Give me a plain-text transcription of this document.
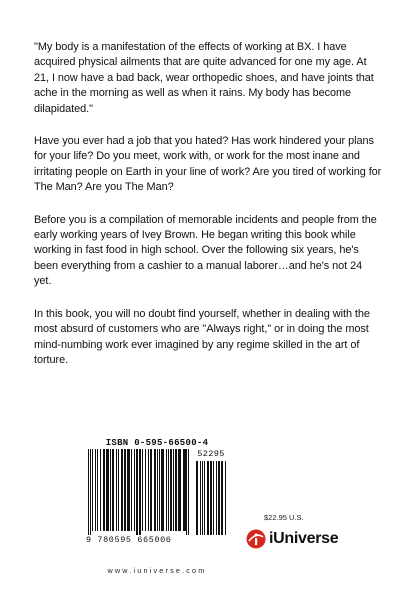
"My body is a manifestation of the effects of working at BX. I have acquired physical ailments that are quite advanced for one my age. At 21, I now have a bad back, wear orthopedic shoes, and have joints that ache in the morning as well as when it rains. My body has become dilapidated."

Have you ever had a job that you hated? Has work hindered your plans for your life? Do you meet, work with, or work for the most inane and irritating people on Earth in your line of work? Are you tired of working for The Man? Are you The Man?

Before you is a compilation of memorable incidents and people from the early working years of Ivey Brown. He began writing this book while working in fast food in high school. Over the following six years, he's been everything from a cashier to a manual laborer…and he's not 24 yet.

In this book, you will no doubt find yourself, whether in dealing with the most absurd of customers who are "Always right," or in doing the most mind-numbing work ever imagined by any regime skilled in the art of torture.

ISBN 0-595-66500-4
9 780595 665006
52295
www.iuniverse.com
$22.95 U.S.
iUniverse
